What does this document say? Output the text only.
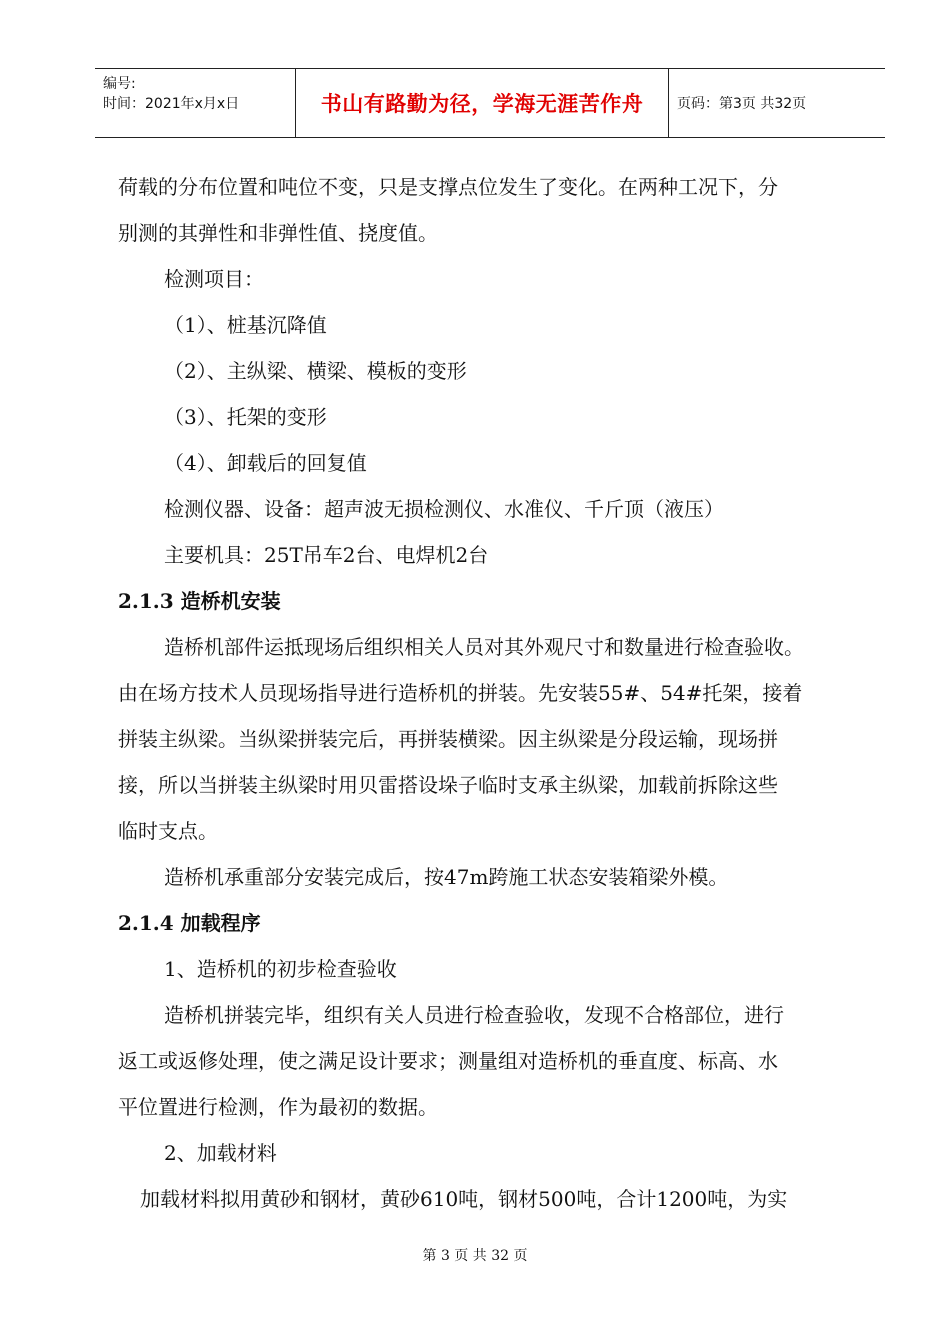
编号:
时间：2021年x月x日	书山有路勤为径，学海无涯苦作舟 页码：第3页 共32页

荷载的分布位置和吨位不变，只是支撑点位发生了变化。在两种工况下，分

别测的其弹性和非弹性值、挠度值。

检测项目：

（1）、桩基沉降值

（2）、主纵梁、横梁、模板的变形

（3）、托架的变形

（4）、卸载后的回复值

检测仪器、设备：超声波无损检测仪、水准仪、千斤顶（液压）

主要机具：25T吊车2台、电焊机2台

2.1.3 造桥机安装

造桥机部件运抵现场后组织相关人员对其外观尺寸和数量进行检查验收。

由在场方技术人员现场指导进行造桥机的拼装。先安装55#、54#托架，接着

拼装主纵梁。当纵梁拼装完后，再拼装横梁。因主纵梁是分段运输，现场拼

接，所以当拼装主纵梁时用贝雷搭设垛子临时支承主纵梁，加载前拆除这些

临时支点。

造桥机承重部分安装完成后，按47m跨施工状态安装箱梁外模。

2.1.4 加载程序

1、造桥机的初步检查验收

造桥机拼装完毕，组织有关人员进行检查验收，发现不合格部位，进行

返工或返修处理，使之满足设计要求；测量组对造桥机的垂直度、标高、水

平位置进行检测，作为最初的数据。

2、加载材料

加载材料拟用黄砂和钢材，黄砂610吨，钢材500吨，合计1200吨，为实

第 3 页 共 32 页
